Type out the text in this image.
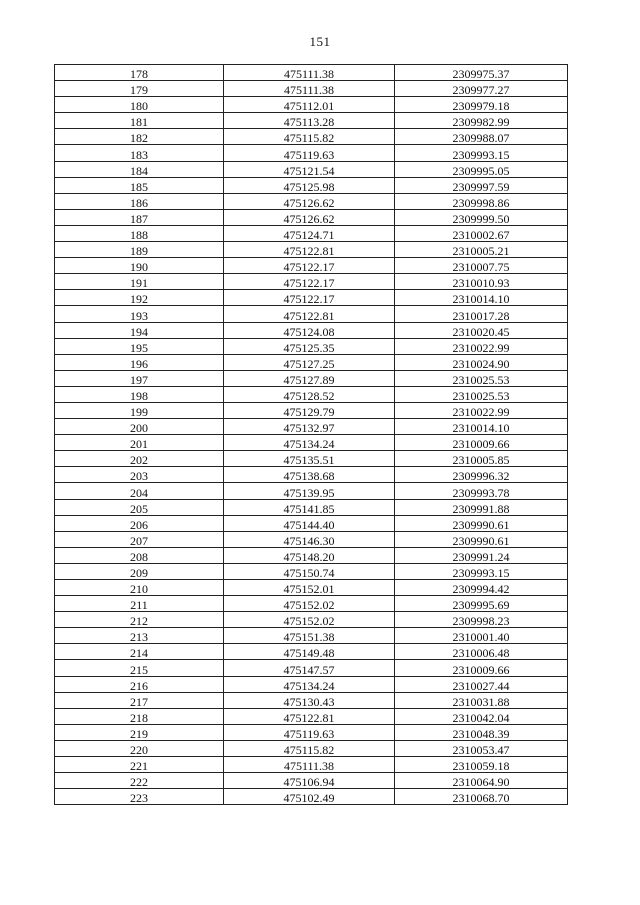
151
178	475111.38	2309975.37
179	475111.38	2309977.27
180	475112.01	2309979.18
181	475113.28	2309982.99
182	475115.82	2309988.07
183	475119.63	2309993.15
184	475121.54	2309995.05
185	475125.98	2309997.59
186	475126.62	2309998.86
187	475126.62	2309999.50
188	475124.71	2310002.67
189	475122.81	2310005.21
190	475122.17	2310007.75
191	475122.17	2310010.93
192	475122.17	2310014.10
193	475122.81	2310017.28
194	475124.08	2310020.45
195	475125.35	2310022.99
196	475127.25	2310024.90
197	475127.89	2310025.53
198	475128.52	2310025.53
199	475129.79	2310022.99
200	475132.97	2310014.10
201	475134.24	2310009.66
202	475135.51	2310005.85
203	475138.68	2309996.32
204	475139.95	2309993.78
205	475141.85	2309991.88
206	475144.40	2309990.61
207	475146.30	2309990.61
208	475148.20	2309991.24
209	475150.74	2309993.15
210	475152.01	2309994.42
211	475152.02	2309995.69
212	475152.02	2309998.23
213	475151.38	2310001.40
214	475149.48	2310006.48
215	475147.57	2310009.66
216	475134.24	2310027.44
217	475130.43	2310031.88
218	475122.81	2310042.04
219	475119.63	2310048.39
220	475115.82	2310053.47
221	475111.38	2310059.18
222	475106.94	2310064.90
223	475102.49	2310068.70
